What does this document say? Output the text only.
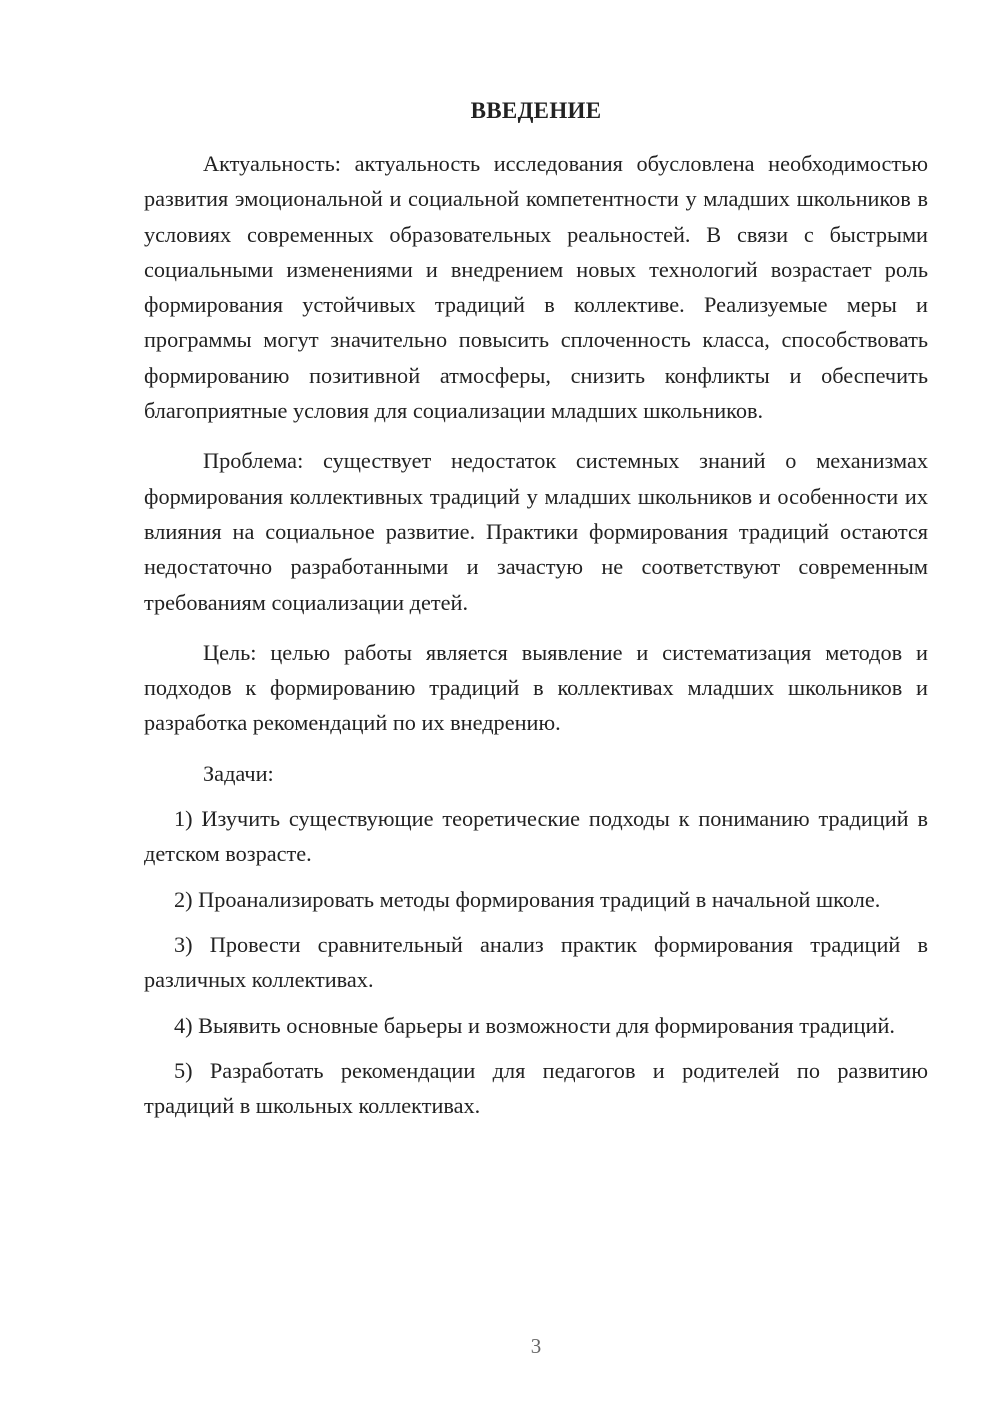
ВВЕДЕНИЕ

Актуальность: актуальность исследования обусловлена необходимостью развития эмоциональной и социальной компетентности у младших школьников в условиях современных образовательных реальностей. В связи с быстрыми социальными изменениями и внедрением новых технологий возрастает роль формирования устойчивых традиций в коллективе. Реализуемые меры и программы могут значительно повысить сплоченность класса, способствовать формированию позитивной атмосферы, снизить конфликты и обеспечить благоприятные условия для социализации младших школьников.

Проблема: существует недостаток системных знаний о механизмах формирования коллективных традиций у младших школьников и особенности их влияния на социальное развитие. Практики формирования традиций остаются недостаточно разработанными и зачастую не соответствуют современным требованиям социализации детей.

Цель: целью работы является выявление и систематизация методов и подходов к формированию традиций в коллективах младших школьников и разработка рекомендаций по их внедрению.

Задачи:

1) Изучить существующие теоретические подходы к пониманию традиций в детском возрасте.

2) Проанализировать методы формирования традиций в начальной школе.

3) Провести сравнительный анализ практик формирования традиций в различных коллективах.

4) Выявить основные барьеры и возможности для формирования традиций.

5) Разработать рекомендации для педагогов и родителей по развитию традиций в школьных коллективах.

3
